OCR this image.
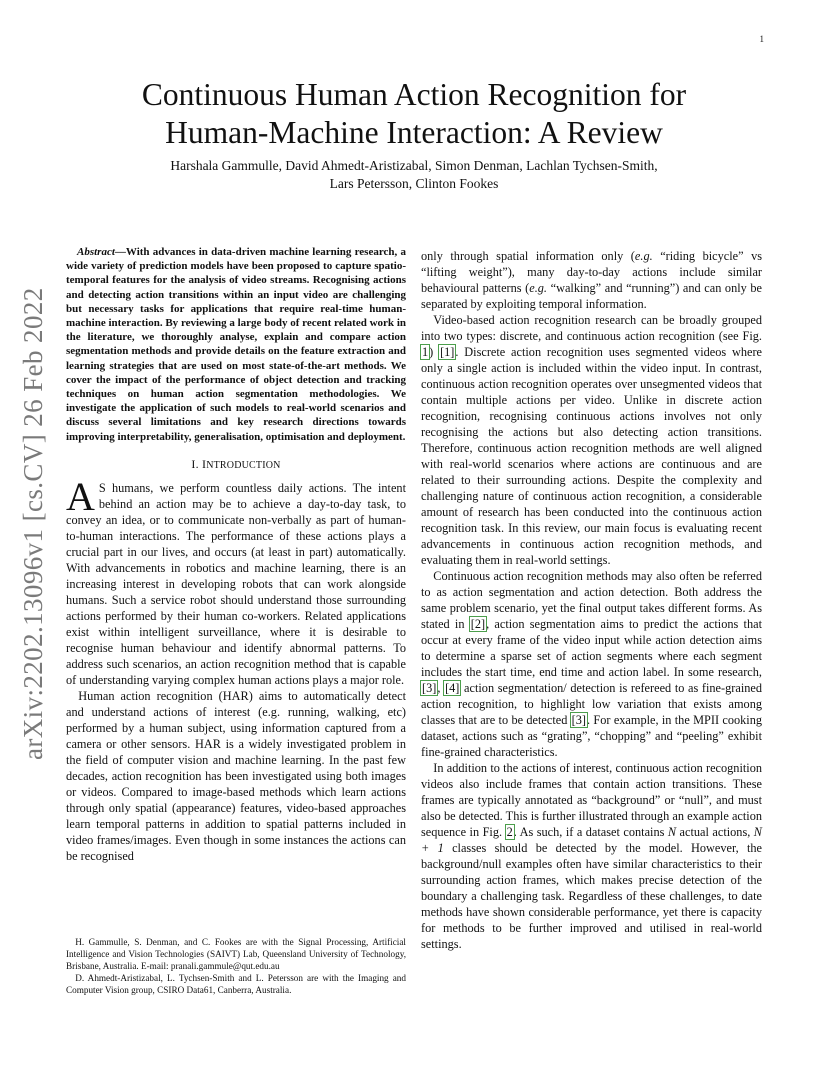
1
arXiv:2202.13096v1 [cs.CV] 26 Feb 2022
Continuous Human Action Recognition for
Human-Machine Interaction: A Review
Harshala Gammulle, David Ahmedt-Aristizabal, Simon Denman, Lachlan Tychsen-Smith,
Lars Petersson, Clinton Fookes

Abstract—With advances in data-driven machine learning research, a wide variety of prediction models have been proposed to capture spatio-temporal features for the analysis of video streams. Recognising actions and detecting action transitions within an input video are challenging but necessary tasks for applications that require real-time human-machine interaction. By reviewing a large body of recent related work in the literature, we thoroughly analyse, explain and compare action segmentation methods and provide details on the feature extraction and learning strategies that are used on most state-of-the-art methods. We cover the impact of the performance of object detection and tracking techniques on human action segmentation methodologies. We investigate the application of such models to real-world scenarios and discuss several limitations and key research directions towards improving interpretability, generalisation, optimisation and deployment.

I. INTRODUCTION

A S humans, we perform countless daily actions. The intent behind an action may be to achieve a day-to-day task, to convey an idea, or to communicate non-verbally as part of human-to-human interactions. The performance of these actions plays a crucial part in our lives, and occurs (at least in part) automatically. With advancements in robotics and machine learning, there is an increasing interest in developing robots that can work alongside humans. Such a service robot should understand those surrounding actions performed by their human co-workers. Related applications exist within intelligent surveillance, where it is desirable to recognise human behaviour and identify abnormal patterns. To address such scenarios, an action recognition method that is capable of understanding varying complex human actions plays a major role.

Human action recognition (HAR) aims to automatically detect and understand actions of interest (e.g. running, walking, etc) performed by a human subject, using information captured from a camera or other sensors. HAR is a widely investigated problem in the field of computer vision and machine learning. In the past few decades, action recognition has been investigated using both images or videos. Compared to image-based methods which learn actions through only spatial (appearance) features, video-based approaches learn temporal patterns in addition to spatial patterns included in video frames/images. Even though in some instances the actions can be recognised

H. Gammulle, S. Denman, and C. Fookes are with the Signal Processing, Artificial Intelligence and Vision Technologies (SAIVT) Lab, Queensland University of Technology, Brisbane, Australia. E-mail: pranali.gammule@qut.edu.au

D. Ahmedt-Aristizabal, L. Tychsen-Smith and L. Petersson are with the Imaging and Computer Vision group, CSIRO Data61, Canberra, Australia.

only through spatial information only (e.g. “riding bicycle” vs “lifting weight”), many day-to-day actions include similar behavioural patterns (e.g. “walking” and “running”) and can only be separated by exploiting temporal information.

Video-based action recognition research can be broadly grouped into two types: discrete, and continuous action recognition (see Fig. 1) [1]. Discrete action recognition uses segmented videos where only a single action is included within the video input. In contrast, continuous action recognition operates over unsegmented videos that contain multiple actions per video. Unlike in discrete action recognition, recognising continuous actions involves not only recognising the actions but also detecting action transitions. Therefore, continuous action recognition methods are well aligned with real-world scenarios where actions are continuous and are related to their surrounding actions. Despite the complexity and challenging nature of continuous action recognition, a considerable amount of research has been conducted into the continuous action recognition task. In this review, our main focus is evaluating recent advancements in continuous action recognition methods, and evaluating them in real-world settings.

Continuous action recognition methods may also often be referred to as action segmentation and action detection. Both address the same problem scenario, yet the final output takes different forms. As stated in [2], action segmentation aims to predict the actions that occur at every frame of the video input while action detection aims to determine a sparse set of action segments where each segment includes the start time, end time and action label. In some research, [3], [4] action segmentation/ detection is refereed to as fine-grained action recognition, to highlight low variation that exists among classes that are to be detected [3]. For example, in the MPII cooking dataset, actions such as “grating”, “chopping” and “peeling” exhibit fine-grained characteristics.

In addition to the actions of interest, continuous action recognition videos also include frames that contain action transitions. These frames are typically annotated as “background” or “null”, and must also be detected. This is further illustrated through an example action sequence in Fig. 2. As such, if a dataset contains N actual actions, N + 1 classes should be detected by the model. However, the background/null examples often have similar characteristics to their surrounding action frames, which makes precise detection of the boundary a challenging task. Regardless of these challenges, to date methods have shown considerable performance, yet there is capacity for methods to be further improved and utilised in real-world settings.
